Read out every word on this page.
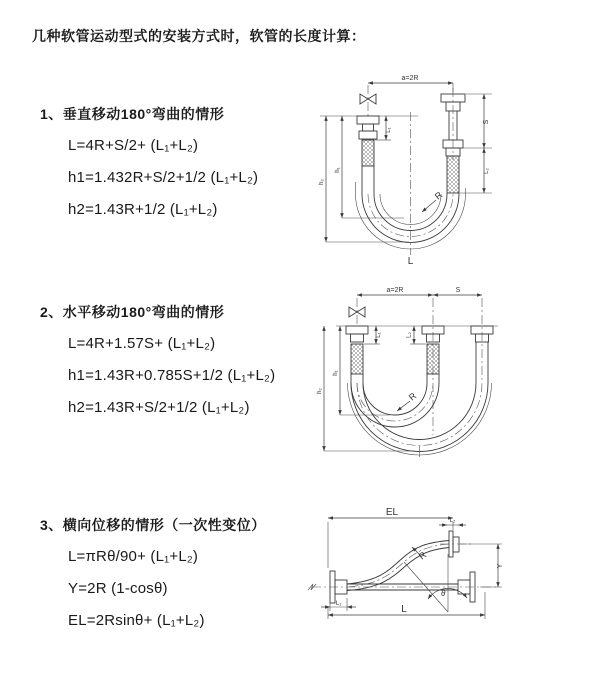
几种软管运动型式的安装方式时，软管的长度计算：
1、垂直移动180°弯曲的情形
L=4R+S/2+ (L₁+L₂)
h1=1.432R+S/2+1/2 (L₁+L₂)
h2=1.43R+1/2 (L₁+L₂)
2、水平移动180°弯曲的情形
L=4R+1.57S+ (L₁+L₂)
h1=1.43R+0.785S+1/2 (L₁+L₂)
h2=1.43R+S/2+1/2 (L₁+L₂)
3、横向位移的情形（一次性变位）
L=πRθ/90+ (L₁+L₂)
Y=2R (1-cosθ)
EL=2Rsinθ+ (L₁+L₂)
a=2R
L₁
S
L₂
h₁
h₂
R
L
a=2R	S
L₁	L₂
h₁
h₂	R
EL
L₂
θ
R
Y
L₁	L
